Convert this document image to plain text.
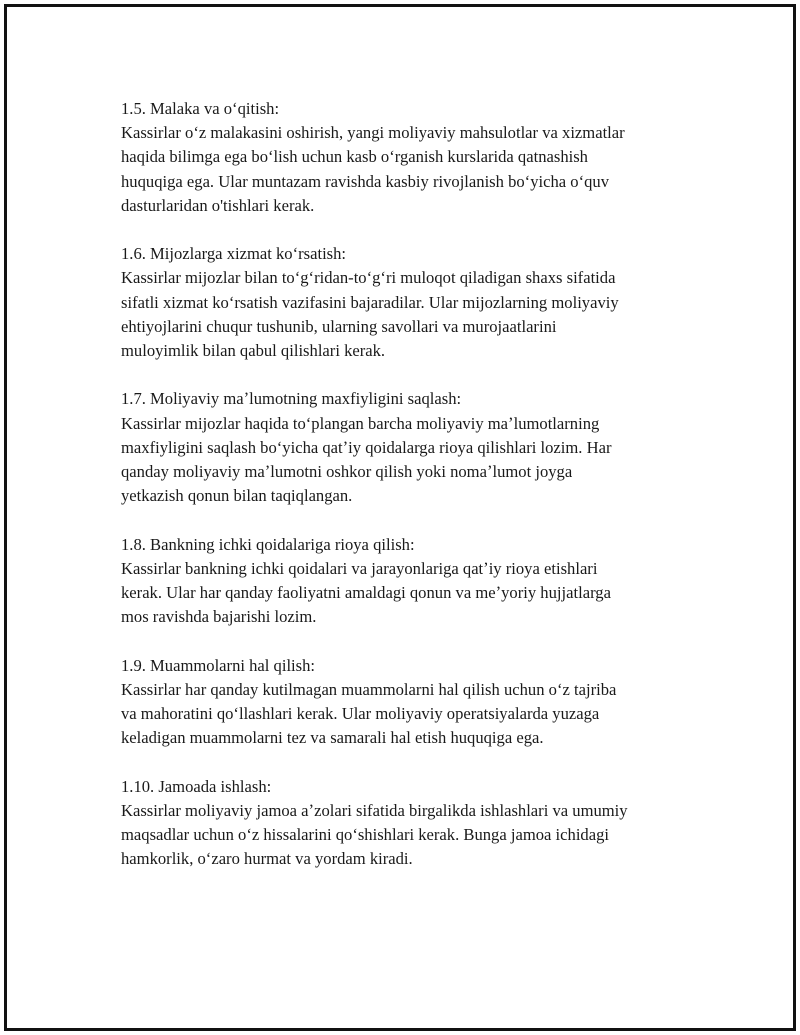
1.5. Malaka va oʻqitish:
Kassirlar oʻz malakasini oshirish, yangi moliyaviy mahsulotlar va xizmatlar
haqida bilimga ega boʻlish uchun kasb oʻrganish kurslarida qatnashish
huquqiga ega. Ular muntazam ravishda kasbiy rivojlanish boʻyicha oʻquv
dasturlaridan o'tishlari kerak.
1.6. Mijozlarga xizmat koʻrsatish:
Kassirlar mijozlar bilan toʻgʻridan-toʻgʻri muloqot qiladigan shaxs sifatida
sifatli xizmat koʻrsatish vazifasini bajaradilar. Ular mijozlarning moliyaviy
ehtiyojlarini chuqur tushunib, ularning savollari va murojaatlarini
muloyimlik bilan qabul qilishlari kerak.
1.7. Moliyaviy maʼlumotning maxfiyligini saqlash:
Kassirlar mijozlar haqida toʻplangan barcha moliyaviy maʼlumotlarning
maxfiyligini saqlash boʻyicha qatʼiy qoidalarga rioya qilishlari lozim. Har
qanday moliyaviy maʼlumotni oshkor qilish yoki nomaʼlumot joyga
yetkazish qonun bilan taqiqlangan.
1.8. Bankning ichki qoidalariga rioya qilish:
Kassirlar bankning ichki qoidalari va jarayonlariga qatʼiy rioya etishlari
kerak. Ular har qanday faoliyatni amaldagi qonun va meʼyoriy hujjatlarga
mos ravishda bajarishi lozim.
1.9. Muammolarni hal qilish:
Kassirlar har qanday kutilmagan muammolarni hal qilish uchun oʻz tajriba
va mahoratini qoʻllashlari kerak. Ular moliyaviy operatsiyalarda yuzaga
keladigan muammolarni tez va samarali hal etish huquqiga ega.
1.10. Jamoada ishlash:
Kassirlar moliyaviy jamoa aʼzolari sifatida birgalikda ishlashlari va umumiy
maqsadlar uchun oʻz hissalarini qoʻshishlari kerak. Bunga jamoa ichidagi
hamkorlik, oʻzaro hurmat va yordam kiradi.
